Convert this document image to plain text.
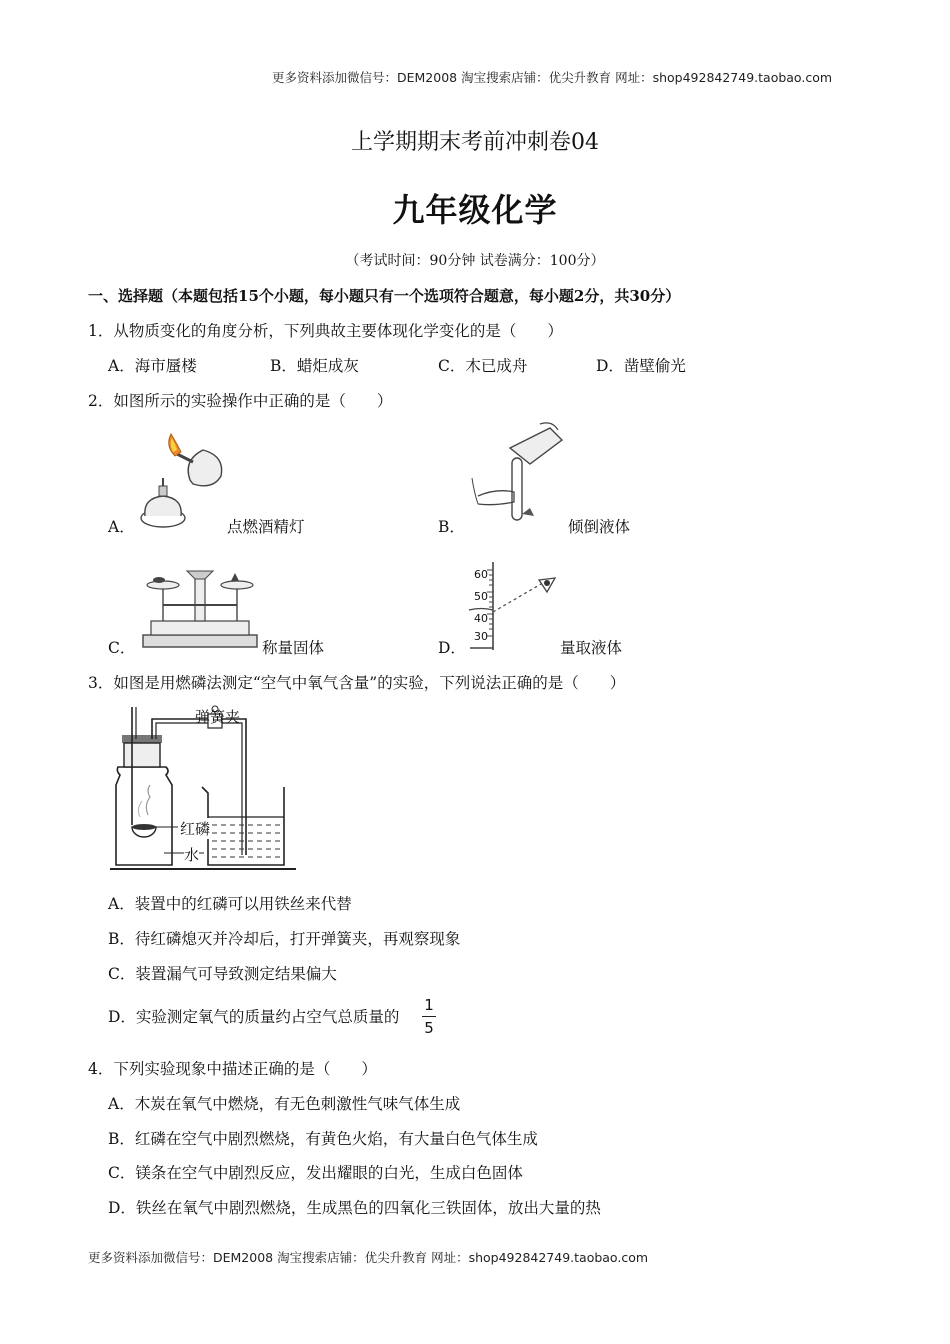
更多资料添加微信号：DEM2008 淘宝搜索店铺：优尖升教育 网址：shop492842749.taobao.com
上学期期末考前冲刺卷04
九年级化学
（考试时间：90分钟 试卷满分：100分）
一、选择题（本题包括15个小题，每小题只有一个选项符合题意，每小题2分，共30分）
1．从物质变化的角度分析，下列典故主要体现化学变化的是（　　）
A．海市蜃楼	B．蜡炬成灰	C．木已成舟	D．凿壁偷光
2．如图所示的实验操作中正确的是（　　）
A．	点燃酒精灯	B．	倾倒液体
C．	称量固体	D．
60
50
40
30
量取液体
3．如图是用燃磷法测定“空气中氧气含量”的实验，下列说法正确的是（　　）
弹簧夹
红磷
水
A．装置中的红磷可以用铁丝来代替
B．待红磷熄灭并冷却后，打开弹簧夹，再观察现象
C．装置漏气可导致测定结果偏大
D．实验测定氧气的质量约占空气总质量的
1
5
4．下列实验现象中描述正确的是（　　）
A．木炭在氧气中燃烧，有无色刺激性气味气体生成
B．红磷在空气中剧烈燃烧，有黄色火焰，有大量白色气体生成
C．镁条在空气中剧烈反应，发出耀眼的白光，生成白色固体
D．铁丝在氧气中剧烈燃烧，生成黑色的四氧化三铁固体，放出大量的热
更多资料添加微信号：DEM2008 淘宝搜索店铺：优尖升教育 网址：shop492842749.taobao.com
